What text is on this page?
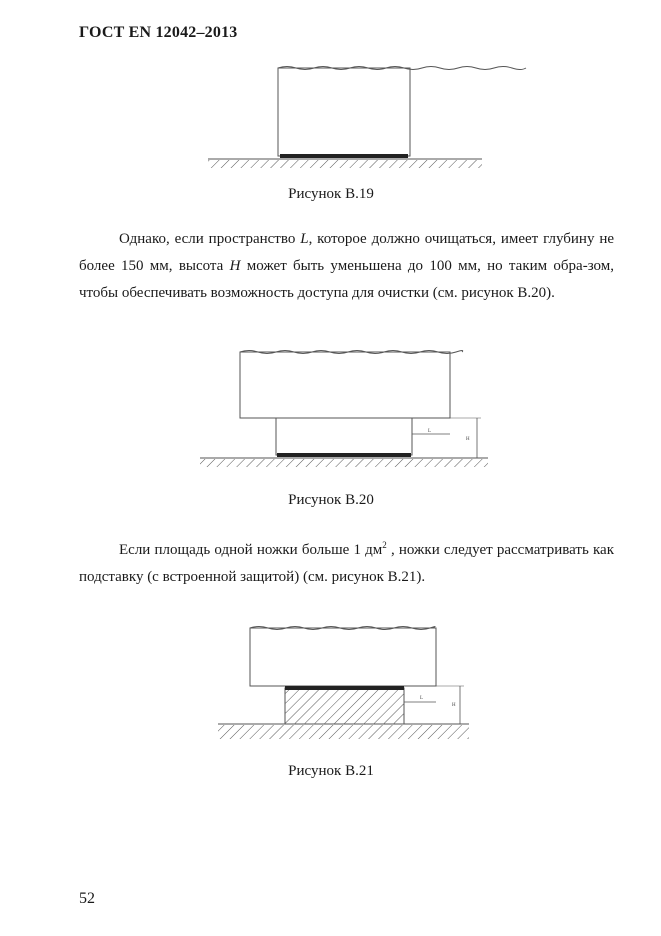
ГОСТ EN 12042–2013
Рисунок В.19
Однако, если пространство L, которое должно очищаться, имеет глубину не более 150 мм, высота H может быть уменьшена до 100 мм, но таким обра-зом, чтобы обеспечивать возможность доступа для очистки (см. рисунок В.20).
L
H
Рисунок В.20
Если площадь одной ножки больше 1 $дм^2$ , ножки следует рассматривать как подставку (с встроенной защитой) (см. рисунок В.21).
L
H
Рисунок В.21
52
